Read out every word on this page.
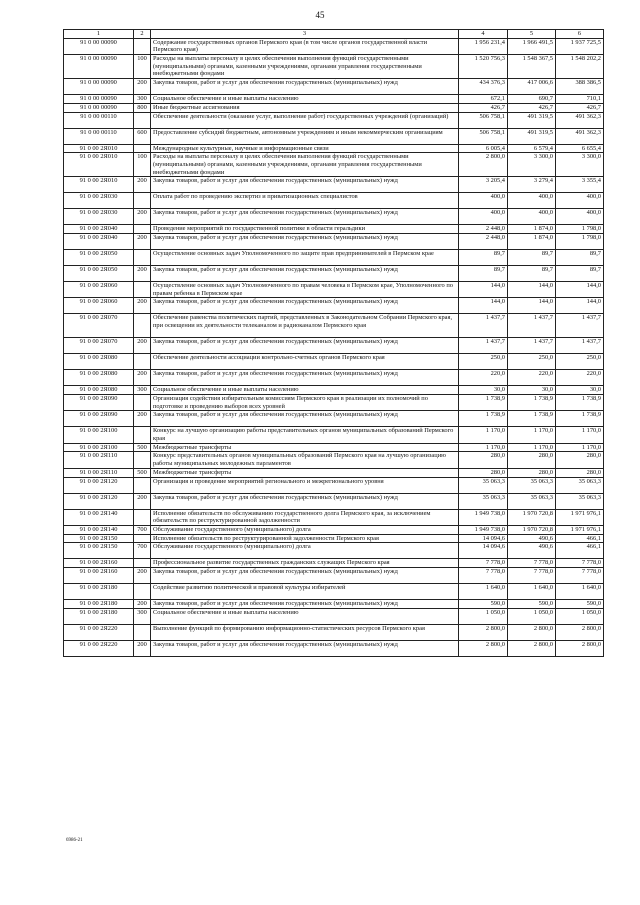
45
1	2	3	4	5	6
91 0 00 00090		Содержание государственных органов Пермского края (в том числе органов государственной власти Пермского края)	1 956 231,4	1 966 491,5	1 937 725,5
91 0 00 00090	100	Расходы на выплаты персоналу в целях обеспечения выполнения функций государственными (муниципальными) органами, казенными учреждениями, органами управления государственными внебюджетными фондами	1 520 756,3	1 548 367,5	1 548 202,2
91 0 00 00090	200	Закупка товаров, работ и услуг для обеспечения государственных (муниципальных) нужд	434 376,3	417 006,6	388 386,5
91 0 00 00090	300	Социальное обеспечение и иные выплаты населению	672,1	690,7	710,1
91 0 00 00090	800	Иные бюджетные ассигнования	426,7	426,7	426,7
91 0 00 00110		Обеспечение деятельности (оказание услуг, выполнение работ) государственных учреждений (организаций)	506 758,1	491 319,5	491 362,3
91 0 00 00110	600	Предоставление субсидий бюджетным, автономным учреждениям и иным некоммерческим организациям	506 758,1	491 319,5	491 362,3
91 0 00 2Я010		Международные культурные, научные и информационные связи	6 005,4	6 579,4	6 655,4
91 0 00 2Я010	100	Расходы на выплаты персоналу в целях обеспечения выполнения функций государственными (муниципальными) органами, казенными учреждениями, органами управления государственными внебюджетными фондами	2 800,0	3 300,0	3 300,0
91 0 00 2Я010	200	Закупка товаров, работ и услуг для обеспечения государственных (муниципальных) нужд	3 205,4	3 279,4	3 355,4
91 0 00 2Я030		Оплата работ по проведению экспертиз и приватизационных специалистов	400,0	400,0	400,0
91 0 00 2Я030	200	Закупка товаров, работ и услуг для обеспечения государственных (муниципальных) нужд	400,0	400,0	400,0
91 0 00 2Я040		Проведение мероприятий по государственной политике в области геральдики	2 448,0	1 874,0	1 798,0
91 0 00 2Я040	200	Закупка товаров, работ и услуг для обеспечения государственных (муниципальных) нужд	2 448,0	1 874,0	1 798,0
91 0 00 2Я050		Осуществление основных задач Уполномоченного по защите прав предпринимателей в Пермском крае	89,7	89,7	89,7
91 0 00 2Я050	200	Закупка товаров, работ и услуг для обеспечения государственных (муниципальных) нужд	89,7	89,7	89,7
91 0 00 2Я060		Осуществление основных задач Уполномоченного по правам человека в Пермском крае, Уполномоченного по правам ребенка в Пермском крае	144,0	144,0	144,0
91 0 00 2Я060	200	Закупка товаров, работ и услуг для обеспечения государственных (муниципальных) нужд	144,0	144,0	144,0
91 0 00 2Я070		Обеспечение равенства политических партий, представленных в Законодательном Собрании Пермского края, при освещении их деятельности телеканалом и радиоканалом Пермского края	1 437,7	1 437,7	1 437,7
91 0 00 2Я070	200	Закупка товаров, работ и услуг для обеспечения государственных (муниципальных) нужд	1 437,7	1 437,7	1 437,7
91 0 00 2Я080		Обеспечение деятельности ассоциации контрольно-счетных органов Пермского края	250,0	250,0	250,0
91 0 00 2Я080	200	Закупка товаров, работ и услуг для обеспечения государственных (муниципальных) нужд	220,0	220,0	220,0
91 0 00 2Я080	300	Социальное обеспечение и иные выплаты населению	30,0	30,0	30,0
91 0 00 2Я090		Организация содействия избирательным комиссиям Пермского края в реализации их полномочий по подготовке и проведению выборов всех уровней	1 738,9	1 738,9	1 738,9
91 0 00 2Я090	200	Закупка товаров, работ и услуг для обеспечения государственных (муниципальных) нужд	1 738,9	1 738,9	1 738,9
91 0 00 2Я100		Конкурс на лучшую организацию работы представительных органов муниципальных образований Пермского края	1 170,0	1 170,0	1 170,0
91 0 00 2Я100	500	Межбюджетные трансферты	1 170,0	1 170,0	1 170,0
91 0 00 2Я110		Конкурс представительных органов муниципальных образований Пермского края на лучшую организацию работы муниципальных молодежных парламентов	280,0	280,0	280,0
91 0 00 2Я110	500	Межбюджетные трансферты	280,0	280,0	280,0
91 0 00 2Я120		Организация и проведение мероприятий регионального и межрегионального уровня	35 063,3	35 063,3	35 063,3
91 0 00 2Я120	200	Закупка товаров, работ и услуг для обеспечения государственных (муниципальных) нужд	35 063,3	35 063,3	35 063,3
91 0 00 2Я140		Исполнение обязательств по обслуживанию государственного долга Пермского края, за исключением обязательств по реструктурированной задолженности	1 949 738,0	1 970 720,8	1 971 976,1
91 0 00 2Я140	700	Обслуживание государственного (муниципального) долга	1 949 738,0	1 970 720,8	1 971 976,1
91 0 00 2Я150		Исполнение обязательств по реструктурированной задолженности Пермского края	14 094,6	490,6	466,1
91 0 00 2Я150	700	Обслуживание государственного (муниципального) долга	14 094,6	490,6	466,1
91 0 00 2Я160		Профессиональное развитие государственных гражданских служащих Пермского края	7 778,0	7 778,0	7 778,0
91 0 00 2Я160	200	Закупка товаров, работ и услуг для обеспечения государственных (муниципальных) нужд	7 778,0	7 778,0	7 778,0
91 0 00 2Я180		Содействие развитию политической и правовой культуры избирателей	1 640,0	1 640,0	1 640,0
91 0 00 2Я180	200	Закупка товаров, работ и услуг для обеспечения государственных (муниципальных) нужд	590,0	590,0	590,0
91 0 00 2Я180	300	Социальное обеспечение и иные выплаты населению	1 050,0	1 050,0	1 050,0
91 0 00 2Я220		Выполнение функций по формированию информационно-статистических ресурсов Пермского края	2 800,0	2 800,0	2 800,0
91 0 00 2Я220	200	Закупка товаров, работ и услуг для обеспечения государственных (муниципальных) нужд	2 800,0	2 800,0	2 800,0
6986-21
